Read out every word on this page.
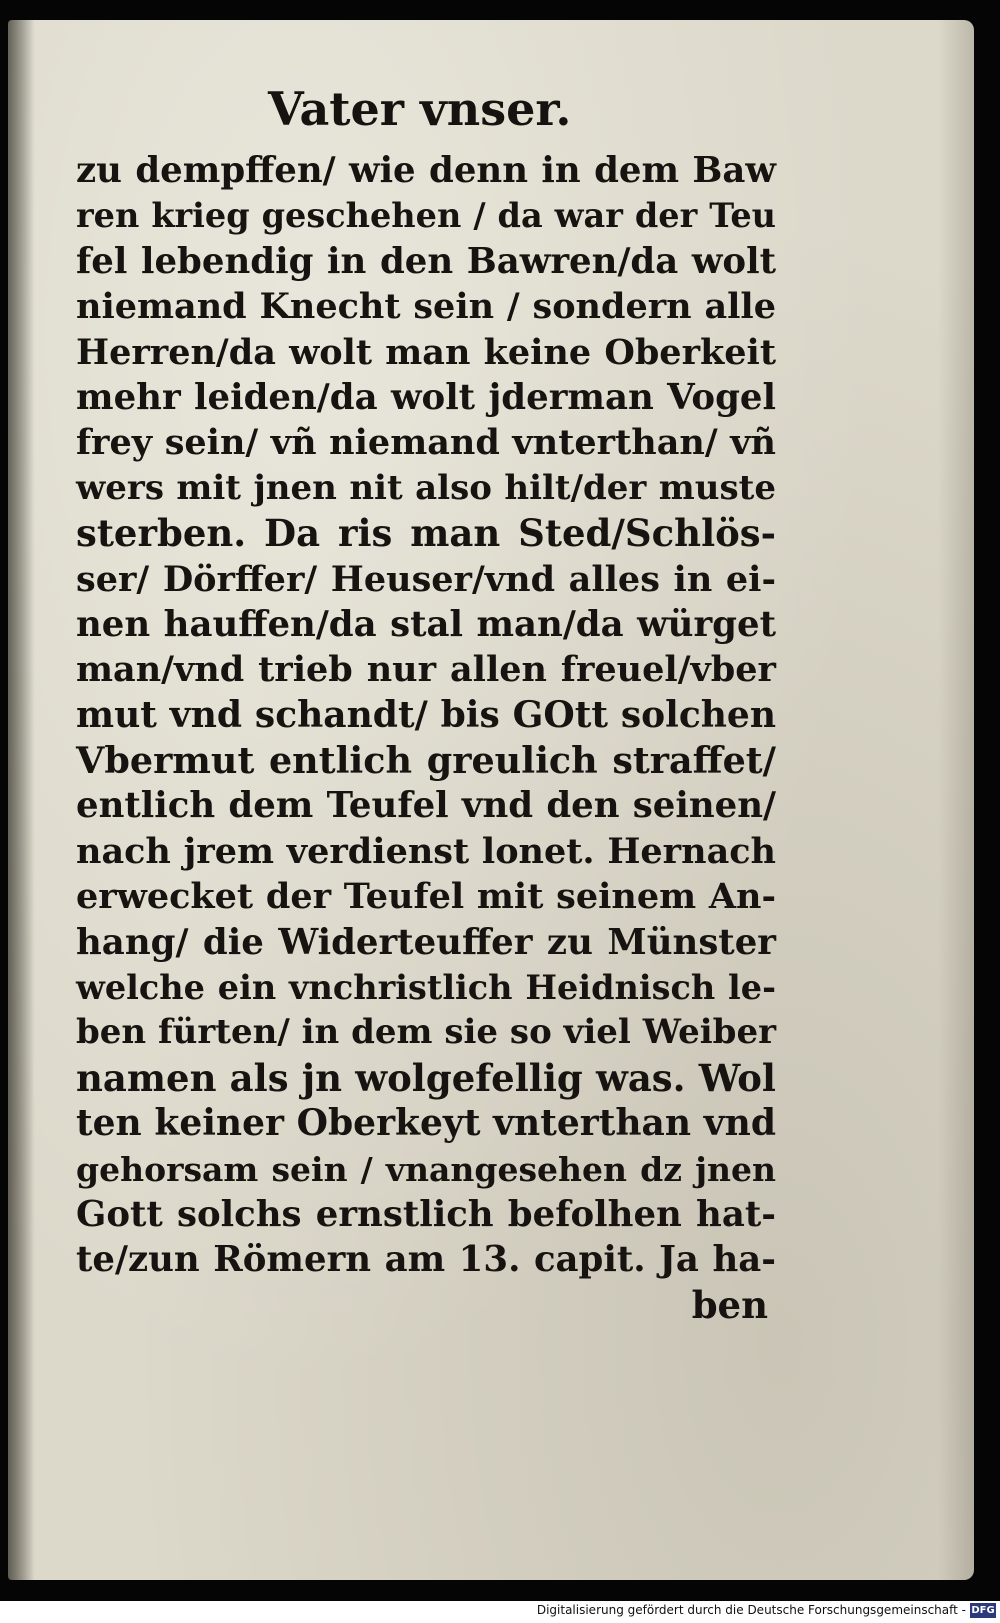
Vater vnser.
zu dempffen/ wie denn in dem Baw
ren krieg geschehen / da war der Teu
fel lebendig in den Bawren/da wolt
niemand Knecht sein / sondern alle
Herren/da wolt man keine Oberkeit
mehr leiden/da wolt jderman Vogel
frey sein/ vñ niemand vnterthan/ vñ
wers mit jnen nit also hilt/der muste
sterben. Da ris man Sted/Schlös-
ser/ Dörffer/ Heuser/vnd alles in ei-
nen hauffen/da stal man/da würget
man/vnd trieb nur allen freuel/vber
mut vnd schandt/ bis GOtt solchen
Vbermut entlich greulich straffet/
entlich dem Teufel vnd den seinen/
nach jrem verdienst lonet. Hernach
erwecket der Teufel mit seinem An-
hang/ die Widerteuffer zu Münster
welche ein vnchristlich Heidnisch le-
ben fürten/ in dem sie so viel Weiber
namen als jn wolgefellig was. Wol
ten keiner Oberkeyt vnterthan vnd
gehorsam sein / vnangesehen dz jnen
Gott solchs ernstlich befolhen hat-
te/zun Römern am 13. capit. Ja ha-
ben
Digitalisierung gefördert durch die Deutsche Forschungsgemeinschaft - DFG
